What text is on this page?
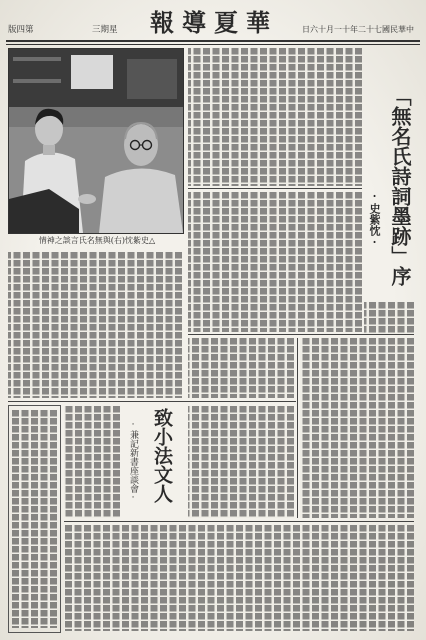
第四版	星期三 華夏導報	中華民國七十二年十一月十六日
△史紫忱(右)與無名氏言談之神情	「無名氏詩詞墨跡」序
· 史紫忱 ·
· 兼記新書座談會 · 致小法文人
